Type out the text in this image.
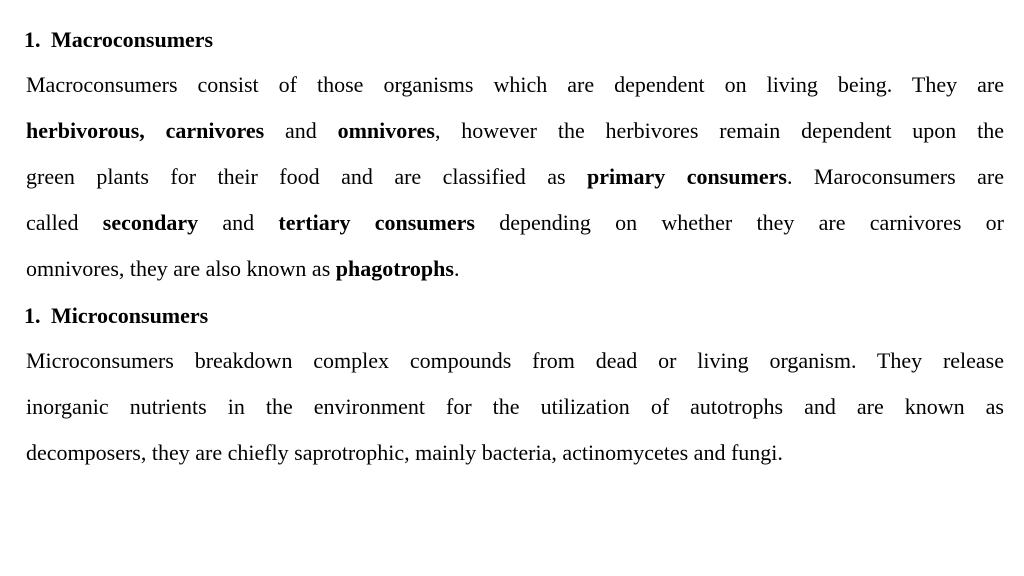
1. Macroconsumers
Macroconsumers consist of those organisms which are dependent on living being. They are
herbivorous, carnivores and omnivores, however the herbivores remain dependent upon the
green plants for their food and are classified as primary consumers. Maroconsumers are
called secondary and tertiary consumers depending on whether they are carnivores or
omnivores, they are also known as phagotrophs.
1. Microconsumers
Microconsumers breakdown complex compounds from dead or living organism. They release
inorganic nutrients in the environment for the utilization of autotrophs and are known as
decomposers, they are chiefly saprotrophic, mainly bacteria, actinomycetes and fungi.
